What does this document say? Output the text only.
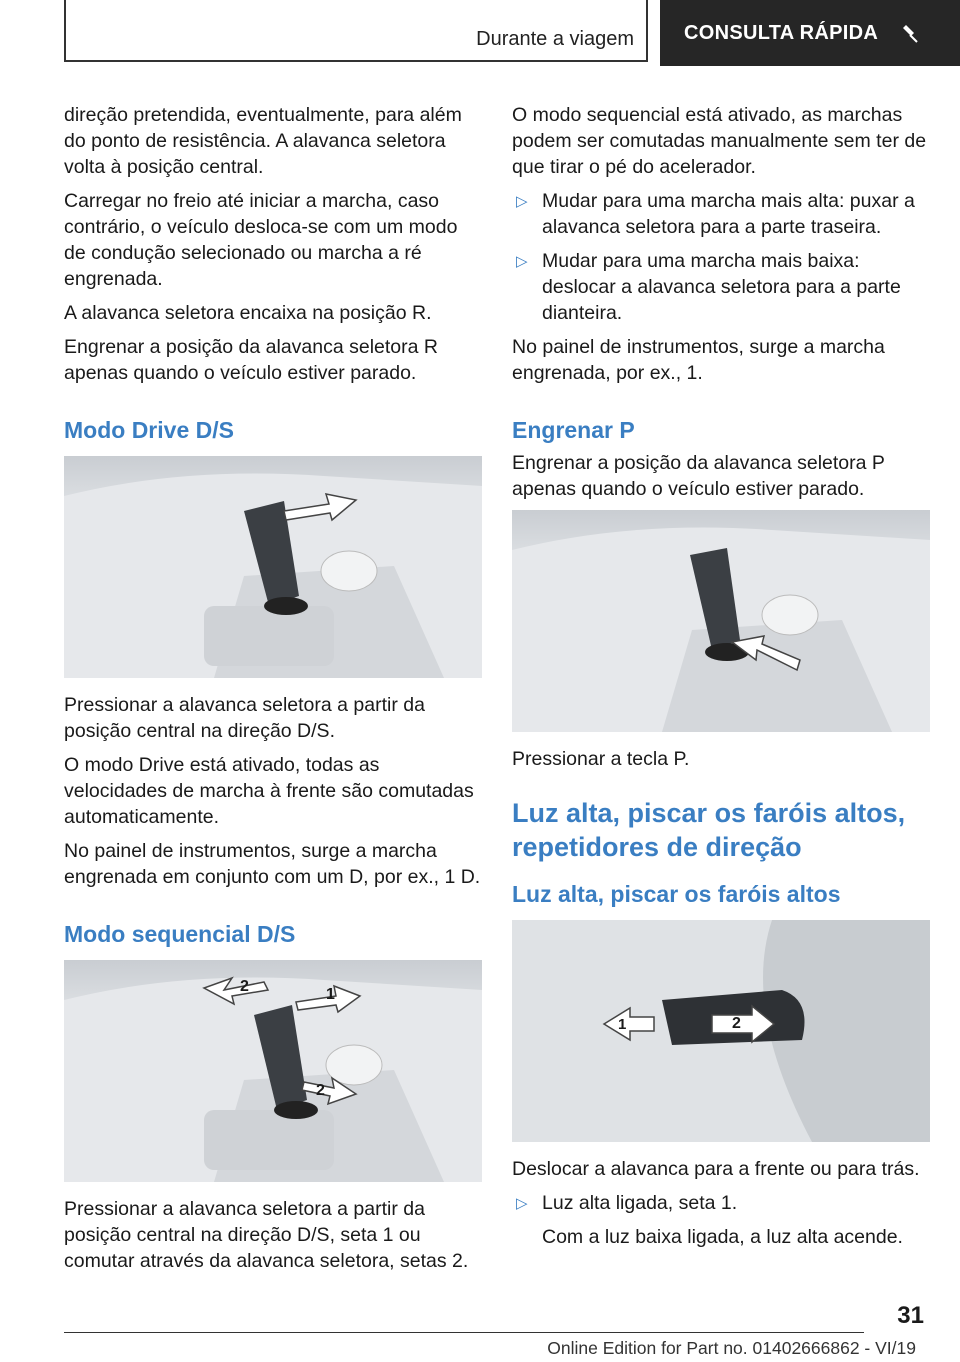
Durante a viagem	CONSULTA RÁPIDA

direção pretendida, eventualmente, para além do ponto de resistência. A alavanca seletora volta à posição central.

Carregar no freio até iniciar a marcha, caso contrário, o veículo desloca-se com um modo de condução selecionado ou marcha a ré engrenada.

A alavanca seletora encaixa na posição R.

Engrenar a posição da alavanca seletora R apenas quando o veículo estiver parado.

Modo Drive D/S

Pressionar a alavanca seletora a partir da posição central na direção D/S.

O modo Drive está ativado, todas as velocidades de marcha à frente são comutadas automaticamente.

No painel de instrumentos, surge a marcha engrenada em conjunto com um D, por ex., 1 D.

Modo sequencial D/S
2	1
2

Pressionar a alavanca seletora a partir da posição central na direção D/S, seta 1 ou comutar através da alavanca seletora, setas 2.

O modo sequencial está ativado, as marchas podem ser comutadas manualmente sem ter de que tirar o pé do acelerador.

▷ Mudar para uma marcha mais alta: puxar a alavanca seletora para a parte traseira.
▷ Mudar para uma marcha mais baixa: deslocar a alavanca seletora para a parte dianteira.

No painel de instrumentos, surge a marcha engrenada, por ex., 1.

Engrenar P

Engrenar a posição da alavanca seletora P apenas quando o veículo estiver parado.

Pressionar a tecla P.

Luz alta, piscar os faróis altos, repetidores de direção
Luz alta, piscar os faróis altos
1	2

Deslocar a alavanca para a frente ou para trás.

▷ Luz alta ligada, seta 1.

Com a luz baixa ligada, a luz alta acende.

31
Online Edition for Part no. 01402666862 - VI/19
